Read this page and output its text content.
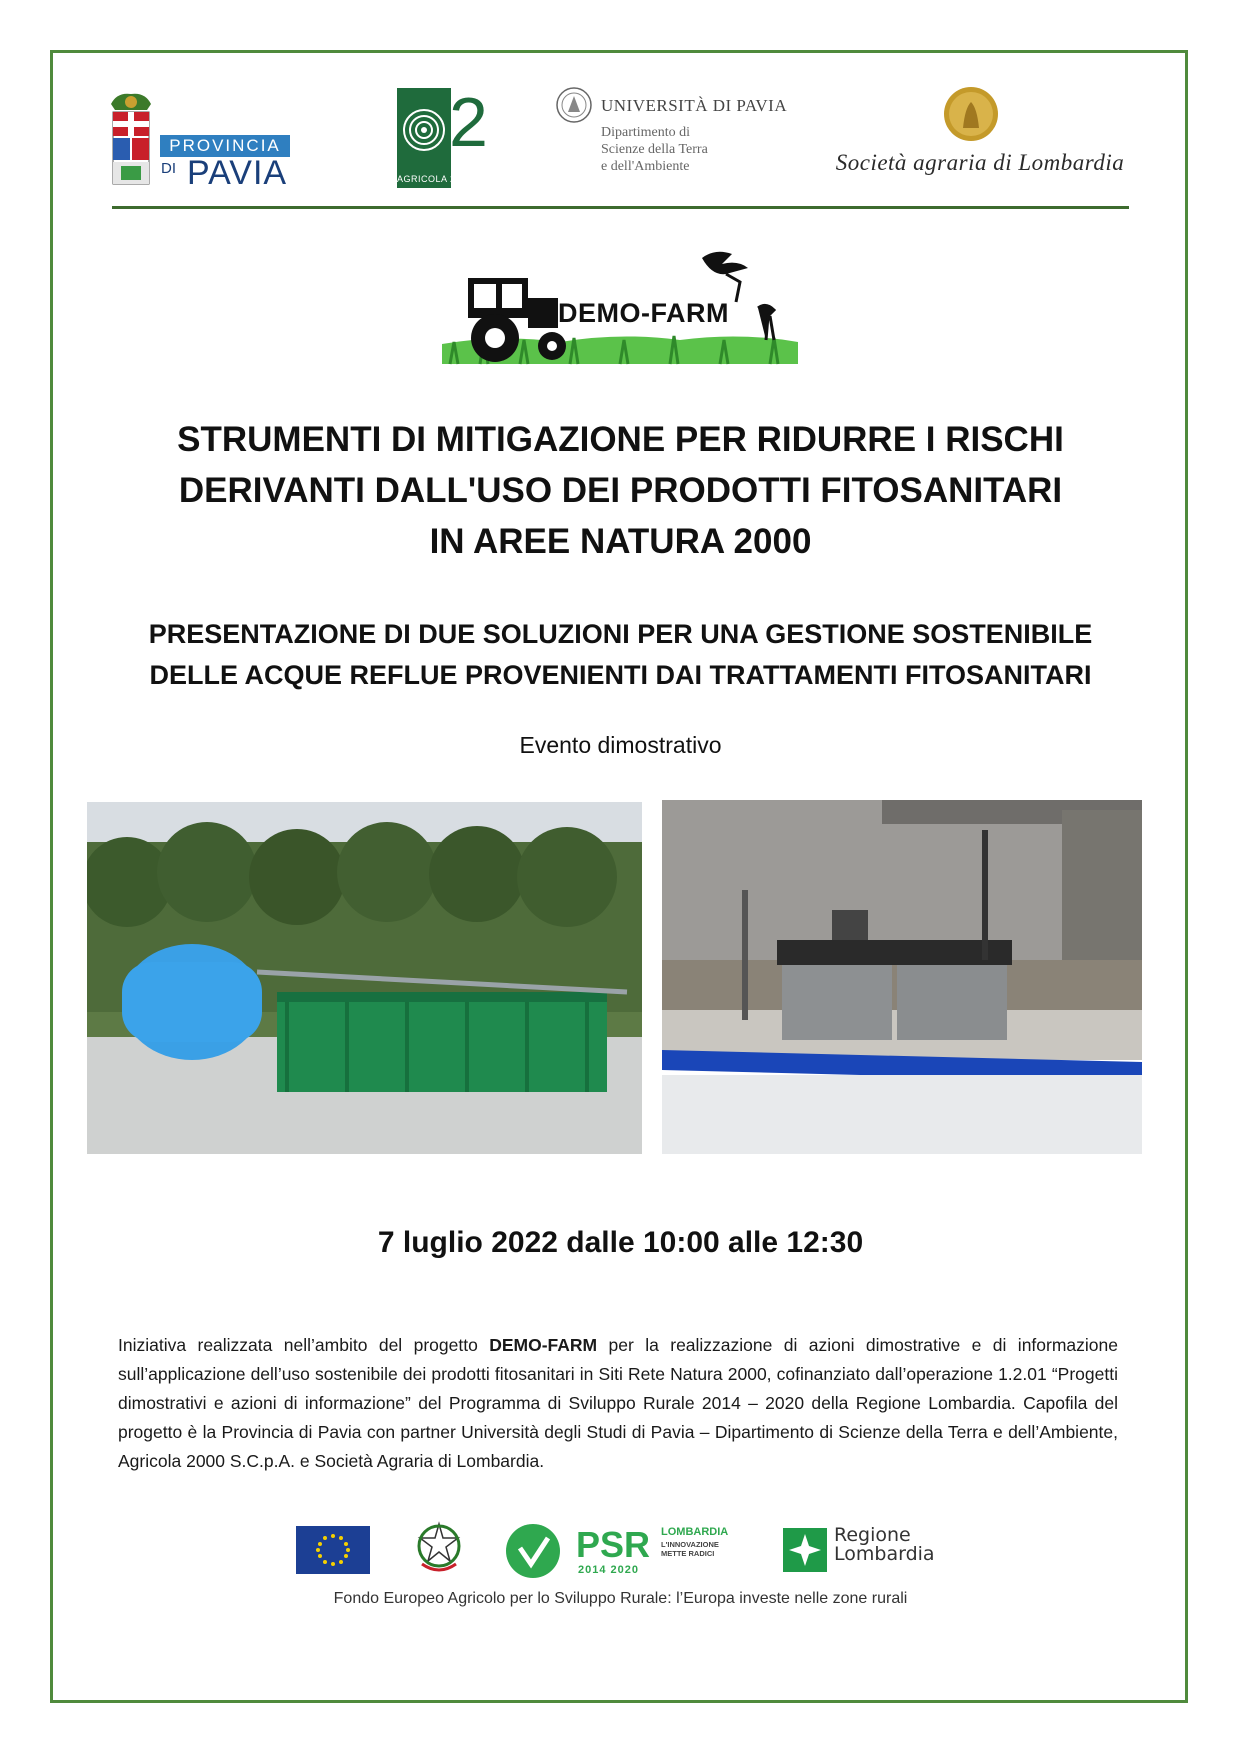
PROVINCIA
DI PAVIA
2
AGRICOLA 2000
UNIVERSITÀ DI PAVIA
Dipartimento di
Scienze della Terra
e dell'Ambiente	Società agraria di Lombardia
DEMO-FARM
STRUMENTI DI MITIGAZIONE PER RIDURRE I RISCHI
DERIVANTI DALL'USO DEI PRODOTTI FITOSANITARI
IN AREE NATURA 2000
PRESENTAZIONE DI DUE SOLUZIONI PER UNA GESTIONE SOSTENIBILE
DELLE ACQUE REFLUE PROVENIENTI DAI TRATTAMENTI FITOSANITARI
Evento dimostrativo
7 luglio 2022 dalle 10:00 alle 12:30
Iniziativa realizzata nell’ambito del progetto DEMO-FARM per la realizzazione di azioni dimostrative e di informazione sull’applicazione dell’uso sostenibile dei prodotti fitosanitari in Siti Rete Natura 2000, cofinanziato dall’operazione 1.2.01 “Progetti dimostrativi e azioni di informazione” del Programma di Sviluppo Rurale 2014 – 2020 della Regione Lombardia. Capofila del progetto è la Provincia di Pavia con partner Università degli Studi di Pavia – Dipartimento di Scienze della Terra e dell’Ambiente, Agricola 2000 S.C.p.A. e Società Agraria di Lombardia.
PSR
2014 2020
LOMBARDIA
L'INNOVAZIONE
METTE RADICI
Regione
Lombardia
Fondo Europeo Agricolo per lo Sviluppo Rurale: l’Europa investe nelle zone rurali
